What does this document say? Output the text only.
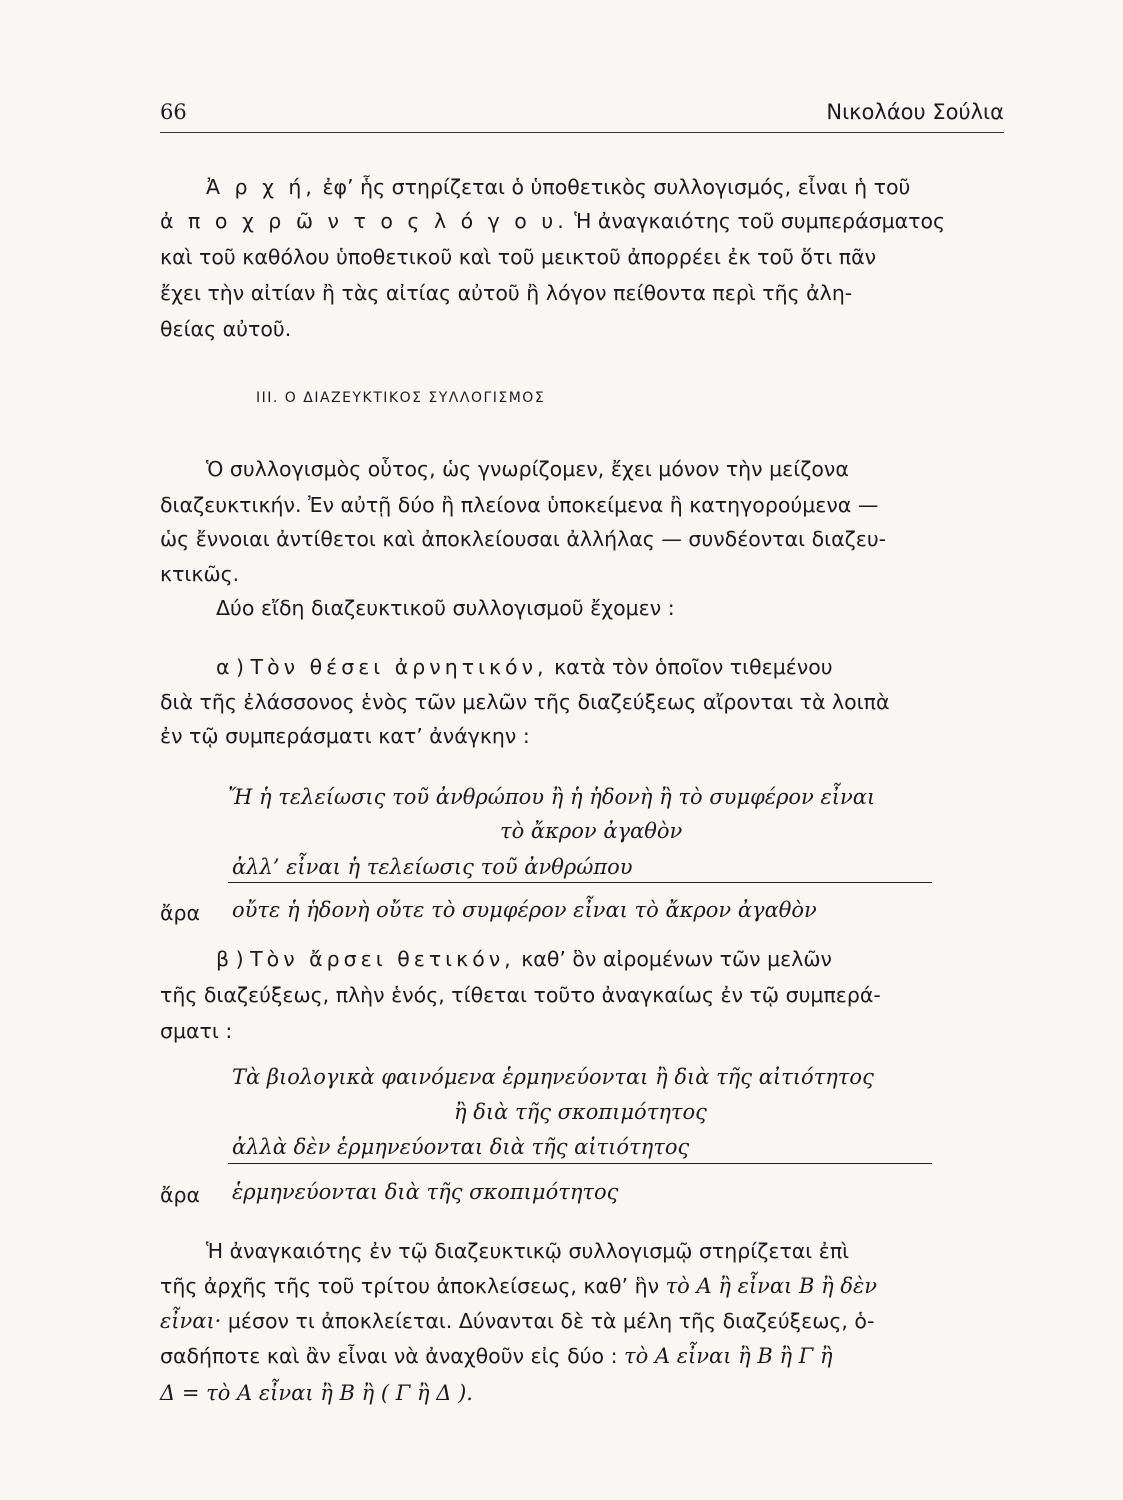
66	Νικολάου Σούλια
Ἀ ρ χ ή, ἐφ’ ἧς στηρίζεται ὁ ὑποθετικὸς συλλογισμός, εἶναι ἡ τοῦ
ἀ π ο χ ρ ῶ ν τ ο ς λ ό γ ο υ. Ἡ ἀναγκαιότης τοῦ συμπεράσματος
καὶ τοῦ καθόλου ὑποθετικοῦ καὶ τοῦ μεικτοῦ ἀπορρέει ἐκ τοῦ ὅτι πᾶν
ἔχει τὴν αἰτίαν ἢ τὰς αἰτίας αὐτοῦ ἢ λόγον πείθοντα περὶ τῆς ἀλη-
θείας αὐτοῦ.
III. Ο ΔΙΑΖΕΥΚΤΙΚΟΣ ΣΥΛΛΟΓΙΣΜΟΣ
Ὁ συλλογισμὸς οὗτος, ὡς γνωρίζομεν, ἔχει μόνον τὴν μείζονα
διαζευκτικήν. Ἐν αὐτῇ δύο ἢ πλείονα ὑποκείμενα ἢ κατηγορούμενα —
ὡς ἔννοιαι ἀντίθετοι καὶ ἀποκλείουσαι ἀλλήλας — συνδέονται διαζευ-
κτικῶς.
Δύο εἴδη διαζευκτικοῦ συλλογισμοῦ ἔχομεν :
α ) Τὸν θέσει ἀρνητικόν, κατὰ τὸν ὁποῖον τιθεμένου
διὰ τῆς ἐλάσσονος ἑνὸς τῶν μελῶν τῆς διαζεύξεως αἴρονται τὰ λοιπὰ
ἐν τῷ συμπεράσματι κατ’ ἀνάγκην :
Ἤ ἡ τελείωσις τοῦ ἀνθρώπου ἢ ἡ ἡδονὴ ἢ τὸ συμφέρον εἶναι
τὸ ἄκρον ἀγαθὸν
ἀλλ’ εἶναι ἡ τελείωσις τοῦ ἀνθρώπου
ἄρα οὔτε ἡ ἡδονὴ οὔτε τὸ συμφέρον εἶναι τὸ ἄκρον ἀγαθὸν
β ) Τὸν ἄρσει θετικόν, καθ’ ὃν αἰρομένων τῶν μελῶν
τῆς διαζεύξεως, πλὴν ἑνός, τίθεται τοῦτο ἀναγκαίως ἐν τῷ συμπερά-
σματι :
Τὰ βιολογικὰ φαινόμενα ἑρμηνεύονται ἢ διὰ τῆς αἰτιότητος
ἢ διὰ τῆς σκοπιμότητος
ἀλλὰ δὲν ἑρμηνεύονται διὰ τῆς αἰτιότητος
ἄρα ἑρμηνεύονται διὰ τῆς σκοπιμότητος
Ἡ ἀναγκαιότης ἐν τῷ διαζευκτικῷ συλλογισμῷ στηρίζεται ἐπὶ
τῆς ἀρχῆς τῆς τοῦ τρίτου ἀποκλείσεως, καθ’ ἣν τὸ Α ἢ εἶναι Β ἢ δὲν
εἶναι· μέσον τι ἀποκλείεται. Δύνανται δὲ τὰ μέλη τῆς διαζεύξεως, ὁ-
σαδήποτε καὶ ἂν εἶναι νὰ ἀναχθοῦν εἰς δύο : τὸ Α εἶναι ἢ Β ἢ Γ ἢ
Δ = τὸ Α εἶναι ἢ Β ἢ ( Γ ἢ Δ ).
